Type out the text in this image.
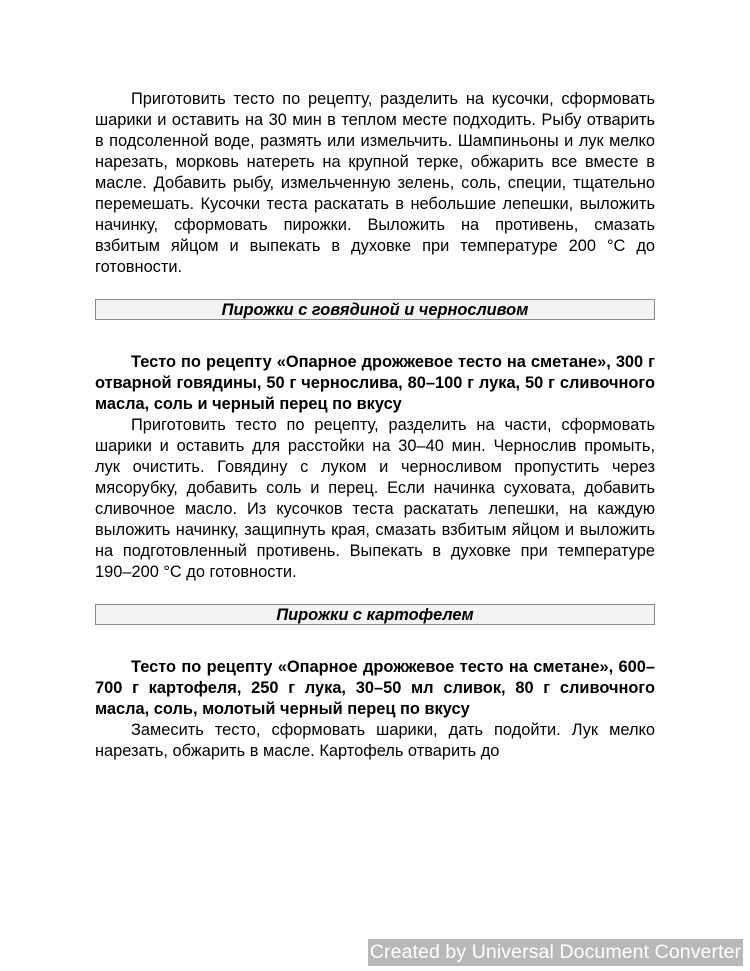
Приготовить тесто по рецепту, разделить на кусочки, сформовать шарики и оставить на 30 мин в теплом месте подходить. Рыбу отварить в подсоленной воде, размять или измельчить. Шампиньоны и лук мелко нарезать, морковь натереть на крупной терке, обжарить все вместе в масле. Добавить рыбу, измельченную зелень, соль, специи, тщательно перемешать. Кусочки теста раскатать в небольшие лепешки, выложить начинку, сформовать пирожки. Выложить на противень, смазать взбитым яйцом и выпекать в духовке при температуре 200 °С до готовности.

Пирожки с говядиной и черносливом

Тесто по рецепту «Опарное дрожжевое тесто на сметане», 300 г отварной говядины, 50 г чернослива, 80–100 г лука, 50 г сливочного масла, соль и черный перец по вкусу

Приготовить тесто по рецепту, разделить на части, сформовать шарики и оставить для расстойки на 30–40 мин. Чернослив промыть, лук очистить. Говядину с луком и черносливом пропустить через мясорубку, добавить соль и перец. Если начинка суховата, добавить сливочное масло. Из кусочков теста раскатать лепешки, на каждую выложить начинку, защипнуть края, смазать взбитым яйцом и выложить на подготовленный противень. Выпекать в духовке при температуре 190–200 °С до готовности.

Пирожки с картофелем

Тесто по рецепту «Опарное дрожжевое тесто на сметане», 600–700 г картофеля, 250 г лука, 30–50 мл сливок, 80 г сливочного масла, соль, молотый черный перец по вкусу

Замесить тесто, сформовать шарики, дать подойти. Лук мелко нарезать, обжарить в масле. Картофель отварить до

Created by Universal Document Converter
